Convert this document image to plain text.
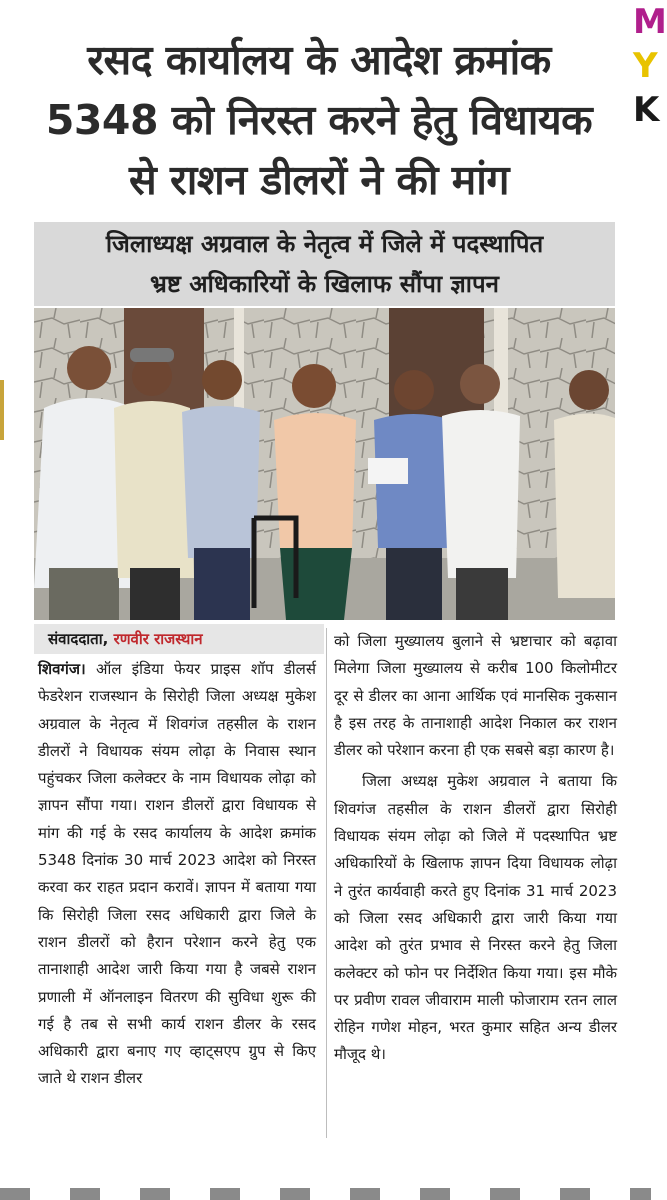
M
Y
K
रसद कार्यालय के आदेश क्रमांक
5348 को निरस्त करने हेतु विधायक
से राशन डीलरों ने की मांग
जिलाध्यक्ष अग्रवाल के नेतृत्व में जिले में पदस्थापित
भ्रष्ट अधिकारियों के खिलाफ सौंपा ज्ञापन
संवाददाता, रणवीर राजस्थान

शिवगंज। ऑल इंडिया फेयर प्राइस शॉप डीलर्स फेडरेशन राजस्थान के सिरोही जिला अध्यक्ष मुकेश अग्रवाल के नेतृत्व में शिवगंज तहसील के राशन डीलरों ने विधायक संयम लोढ़ा के निवास स्थान पहुंचकर जिला कलेक्टर के नाम विधायक लोढ़ा को ज्ञापन सौंपा गया। राशन डीलरों द्वारा विधायक से मांग की गई के रसद कार्यालय के आदेश क्रमांक 5348 दिनांक 30 मार्च 2023 आदेश को निरस्त करवा कर राहत प्रदान करावें। ज्ञापन में बताया गया कि सिरोही जिला रसद अधिकारी द्वारा जिले के राशन डीलरों को हैरान परेशान करने हेतु एक तानाशाही आदेश जारी किया गया है जबसे राशन प्रणाली में ऑनलाइन वितरण की सुविधा शुरू की गई है तब से सभी कार्य राशन डीलर के रसद अधिकारी द्वारा बनाए गए व्हाट्सएप ग्रुप से किए जाते थे राशन डीलर

को जिला मुख्यालय बुलाने से भ्रष्टाचार को बढ़ावा मिलेगा जिला मुख्यालय से करीब 100 किलोमीटर दूर से डीलर का आना आर्थिक एवं मानसिक नुकसान है इस तरह के तानाशाही आदेश निकाल कर राशन डीलर को परेशान करना ही एक सबसे बड़ा कारण है।

जिला अध्यक्ष मुकेश अग्रवाल ने बताया कि शिवगंज तहसील के राशन डीलरों द्वारा सिरोही विधायक संयम लोढ़ा को जिले में पदस्थापित भ्रष्ट अधिकारियों के खिलाफ ज्ञापन दिया विधायक लोढ़ा ने तुरंत कार्यवाही करते हुए दिनांक 31 मार्च 2023 को जिला रसद अधिकारी द्वारा जारी किया गया आदेश को तुरंत प्रभाव से निरस्त करने हेतु जिला कलेक्टर को फोन पर निर्देशित किया गया। इस मौके पर प्रवीण रावल जीवाराम माली फोजाराम रतन लाल रोहिन गणेश मोहन, भरत कुमार सहित अन्य डीलर मौजूद थे।
